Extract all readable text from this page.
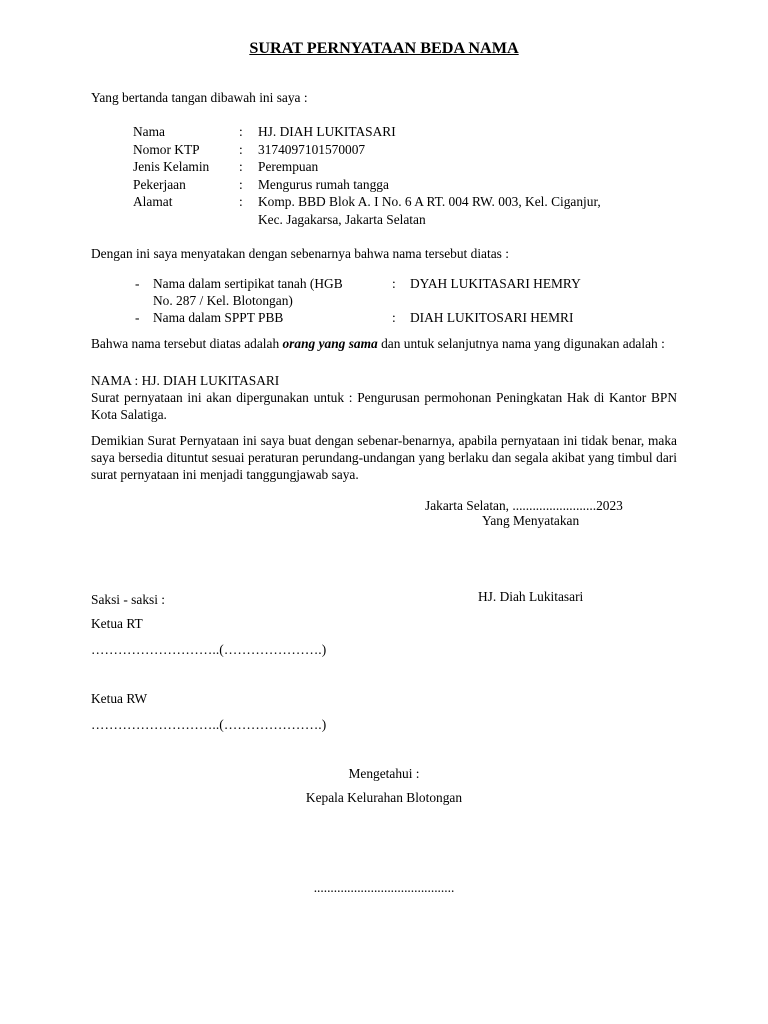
SURAT PERNYATAAN BEDA NAMA
Yang bertanda tangan dibawah ini saya :
Nama	: HJ. DIAH LUKITASARI
Nomor KTP	: 3174097101570007
Jenis Kelamin : Perempuan
Pekerjaan	: Mengurus rumah tangga
Alamat	: Komp. BBD Blok A. I No. 6 A RT. 004 RW. 003, Kel. Ciganjur,
Kec. Jagakarsa, Jakarta Selatan
Dengan ini saya menyatakan dengan sebenarnya bahwa nama tersebut diatas :
- Nama dalam sertipikat tanah (HGB	: DYAH LUKITASARI HEMRY
No. 287 / Kel. Blotongan)
- Nama dalam SPPT PBB	: DIAH LUKITOSARI HEMRI
Bahwa nama tersebut diatas adalah orang yang sama dan untuk selanjutnya nama yang digunakan adalah :
NAMA : HJ. DIAH LUKITASARI
Surat pernyataan ini akan dipergunakan untuk : Pengurusan permohonan Peningkatan Hak di Kantor BPN Kota Salatiga.
Demikian Surat Pernyataan ini saya buat dengan sebenar-benarnya, apabila pernyataan ini tidak benar, maka saya bersedia dituntut sesuai peraturan perundang-undangan yang berlaku dan segala akibat yang timbul dari surat pernyataan ini menjadi tanggungjawab saya.
Jakarta Selatan, .........................2023
Yang Menyatakan
Saksi - saksi :	HJ. Diah Lukitasari
Ketua RT
………………………..(………………….)
Ketua RW
………………………..(………………….)
Mengetahui :
Kepala Kelurahan Blotongan
..........................................
